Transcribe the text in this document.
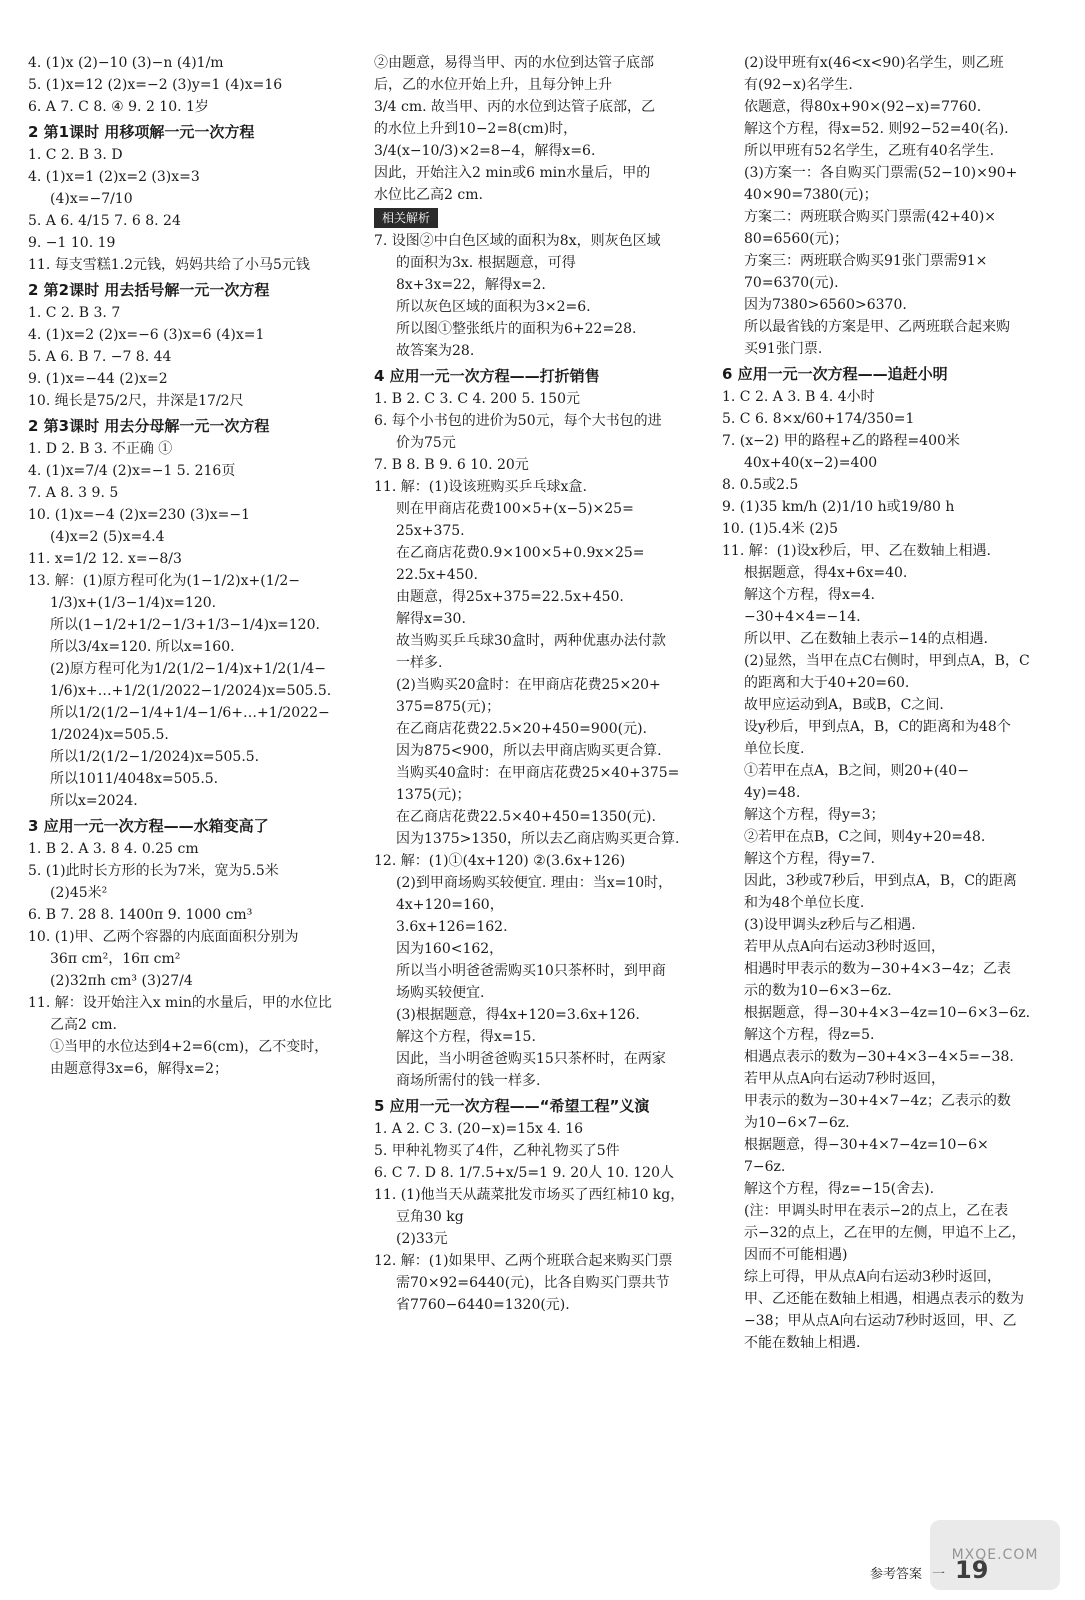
4. (1)x (2)−10 (3)−n (4)1/m
5. (1)x=12 (2)x=−2 (3)y=1 (4)x=16
6. A 7. C 8. ④ 9. 2 10. 1岁
2 第1课时 用移项解一元一次方程
1. C 2. B 3. D
4. (1)x=1 (2)x=2 (3)x=3
(4)x=−7/10
5. A 6. 4/15 7. 6 8. 24
9. −1 10. 19
11. 每支雪糕1.2元钱，妈妈共给了小马5元钱
2 第2课时 用去括号解一元一次方程
1. C 2. B 3. 7
4. (1)x=2 (2)x=−6 (3)x=6 (4)x=1
5. A 6. B 7. −7 8. 44
9. (1)x=−44 (2)x=2
10. 绳长是75/2尺，井深是17/2尺
2 第3课时 用去分母解一元一次方程
1. D 2. B 3. 不正确 ①
4. (1)x=7/4 (2)x=−1 5. 216页
7. A 8. 3 9. 5
10. (1)x=−4 (2)x=230 (3)x=−1
(4)x=2 (5)x=4.4
11. x=1/2 12. x=−8/3
13. 解：(1)原方程可化为(1−1/2)x+(1/2−
1/3)x+(1/3−1/4)x=120.
所以(1−1/2+1/2−1/3+1/3−1/4)x=120.
所以3/4x=120. 所以x=160.
(2)原方程可化为1/2(1/2−1/4)x+1/2(1/4−
1/6)x+…+1/2(1/2022−1/2024)x=505.5.
所以1/2(1/2−1/4+1/4−1/6+…+1/2022−
1/2024)x=505.5.
所以1/2(1/2−1/2024)x=505.5.
所以1011/4048x=505.5.
所以x=2024.
3 应用一元一次方程——水箱变高了
1. B 2. A 3. 8 4. 0.25 cm
5. (1)此时长方形的长为7米，宽为5.5米
(2)45米²
6. B 7. 28 8. 1400π 9. 1000 cm³
10. (1)甲、乙两个容器的内底面面积分别为
36π cm²，16π cm²
(2)32πh cm³ (3)27/4
11. 解：设开始注入x min的水量后，甲的水位比
乙高2 cm.
①当甲的水位达到4+2=6(cm)，乙不变时，
由题意得3x=6，解得x=2；
②由题意，易得当甲、丙的水位到达管子底部
后，乙的水位开始上升，且每分钟上升
3/4 cm. 故当甲、丙的水位到达管子底部，乙
的水位上升到10−2=8(cm)时，
3/4(x−10/3)×2=8−4，解得x=6.
因此，开始注入2 min或6 min水量后，甲的
水位比乙高2 cm.
相关解析
7. 设图②中白色区域的面积为8x，则灰色区域
的面积为3x. 根据题意，可得
8x+3x=22，解得x=2.
所以灰色区域的面积为3×2=6.
所以图①整张纸片的面积为6+22=28.
故答案为28.
4 应用一元一次方程——打折销售
1. B 2. C 3. C 4. 200 5. 150元
6. 每个小书包的进价为50元，每个大书包的进
价为75元
7. B 8. B 9. 6 10. 20元
11. 解：(1)设该班购买乒乓球x盒.
则在甲商店花费100×5+(x−5)×25=
25x+375.
在乙商店花费0.9×100×5+0.9x×25=
22.5x+450.
由题意，得25x+375=22.5x+450.
解得x=30.
故当购买乒乓球30盒时，两种优惠办法付款
一样多.
(2)当购买20盒时：在甲商店花费25×20+
375=875(元)；
在乙商店花费22.5×20+450=900(元).
因为875<900，所以去甲商店购买更合算.
当购买40盒时：在甲商店花费25×40+375=
1375(元)；
在乙商店花费22.5×40+450=1350(元).
因为1375>1350，所以去乙商店购买更合算.
12. 解：(1)①(4x+120) ②(3.6x+126)
(2)到甲商场购买较便宜. 理由：当x=10时，
4x+120=160，
3.6x+126=162.
因为160<162，
所以当小明爸爸需购买10只茶杯时，到甲商
场购买较便宜.
(3)根据题意，得4x+120=3.6x+126.
解这个方程，得x=15.
因此，当小明爸爸购买15只茶杯时，在两家
商场所需付的钱一样多.
5 应用一元一次方程——“希望工程”义演
1. A 2. C 3. (20−x)=15x 4. 16
5. 甲种礼物买了4件，乙种礼物买了5件
6. C 7. D 8. 1/7.5+x/5=1 9. 20人 10. 120人
11. (1)他当天从蔬菜批发市场买了西红柿10 kg，
豆角30 kg
(2)33元
12. 解：(1)如果甲、乙两个班联合起来购买门票
需70×92=6440(元)，比各自购买门票共节
省7760−6440=1320(元).
(2)设甲班有x(46<x<90)名学生，则乙班
有(92−x)名学生.
依题意，得80x+90×(92−x)=7760.
解这个方程，得x=52. 则92−52=40(名).
所以甲班有52名学生，乙班有40名学生.
(3)方案一：各自购买门票需(52−10)×90+
40×90=7380(元)；
方案二：两班联合购买门票需(42+40)×
80=6560(元)；
方案三：两班联合购买91张门票需91×
70=6370(元).
因为7380>6560>6370.
所以最省钱的方案是甲、乙两班联合起来购
买91张门票.
6 应用一元一次方程——追赶小明
1. C 2. A 3. B 4. 4小时
5. C 6. 8×x/60+174/350=1
7. (x−2) 甲的路程+乙的路程=400米
40x+40(x−2)=400
8. 0.5或2.5
9. (1)35 km/h (2)1/10 h或19/80 h
10. (1)5.4米 (2)5
11. 解：(1)设x秒后，甲、乙在数轴上相遇.
根据题意，得4x+6x=40.
解这个方程，得x=4.
−30+4×4=−14.
所以甲、乙在数轴上表示−14的点相遇.
(2)显然，当甲在点C右侧时，甲到点A，B，C
的距离和大于40+20=60.
故甲应运动到A，B或B，C之间.
设y秒后，甲到点A，B，C的距离和为48个
单位长度.
①若甲在点A，B之间，则20+(40−
4y)=48.
解这个方程，得y=3；
②若甲在点B，C之间，则4y+20=48.
解这个方程，得y=7.
因此，3秒或7秒后，甲到点A，B，C的距离
和为48个单位长度.
(3)设甲调头z秒后与乙相遇.
若甲从点A向右运动3秒时返回，
相遇时甲表示的数为−30+4×3−4z；乙表
示的数为10−6×3−6z.
根据题意，得−30+4×3−4z=10−6×3−6z.
解这个方程，得z=5.
相遇点表示的数为−30+4×3−4×5=−38.
若甲从点A向右运动7秒时返回，
甲表示的数为−30+4×7−4z；乙表示的数
为10−6×7−6z.
根据题意，得−30+4×7−4z=10−6×
7−6z.
解这个方程，得z=−15(舍去).
(注：甲调头时甲在表示−2的点上，乙在表
示−32的点上，乙在甲的左侧，甲追不上乙，
因而不可能相遇)
综上可得，甲从点A向右运动3秒时返回，
甲、乙还能在数轴上相遇，相遇点表示的数为
−38；甲从点A向右运动7秒时返回，甲、乙
不能在数轴上相遇.
参考答案 一 19
MXQE.COM
